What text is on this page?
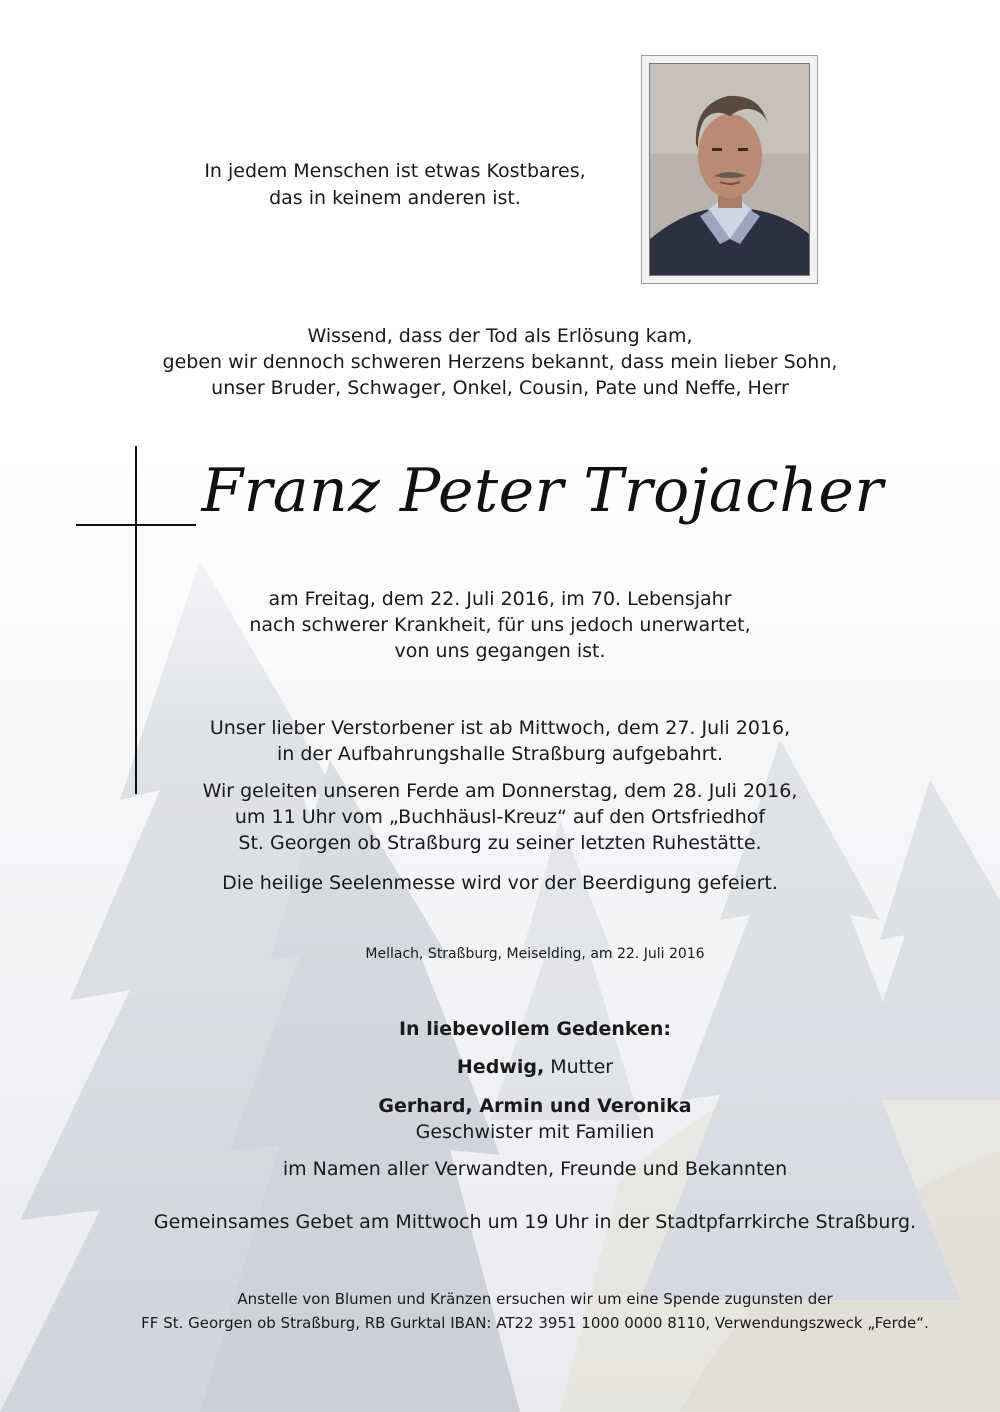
In jedem Menschen ist etwas Kostbares,
das in keinem anderen ist.
Wissend, dass der Tod als Erlösung kam,
geben wir dennoch schweren Herzens bekannt, dass mein lieber Sohn,
unser Bruder, Schwager, Onkel, Cousin, Pate und Neffe, Herr
Franz Peter Trojacher
am Freitag, dem 22. Juli 2016, im 70. Lebensjahr
nach schwerer Krankheit, für uns jedoch unerwartet,
von uns gegangen ist.
Unser lieber Verstorbener ist ab Mittwoch, dem 27. Juli 2016,
in der Aufbahrungshalle Straßburg aufgebahrt.
Wir geleiten unseren Ferde am Donnerstag, dem 28. Juli 2016,
um 11 Uhr vom „Buchhäusl-Kreuz“ auf den Ortsfriedhof
St. Georgen ob Straßburg zu seiner letzten Ruhestätte.
Die heilige Seelenmesse wird vor der Beerdigung gefeiert.
Mellach, Straßburg, Meiselding, am 22. Juli 2016
In liebevollem Gedenken:
Hedwig, Mutter
Gerhard, Armin und Veronika
Geschwister mit Familien
im Namen aller Verwandten, Freunde und Bekannten
Gemeinsames Gebet am Mittwoch um 19 Uhr in der Stadtpfarrkirche Straßburg.
Anstelle von Blumen und Kränzen ersuchen wir um eine Spende zugunsten der
FF St. Georgen ob Straßburg, RB Gurktal IBAN: AT22 3951 1000 0000 8110, Verwendungszweck „Ferde“.
